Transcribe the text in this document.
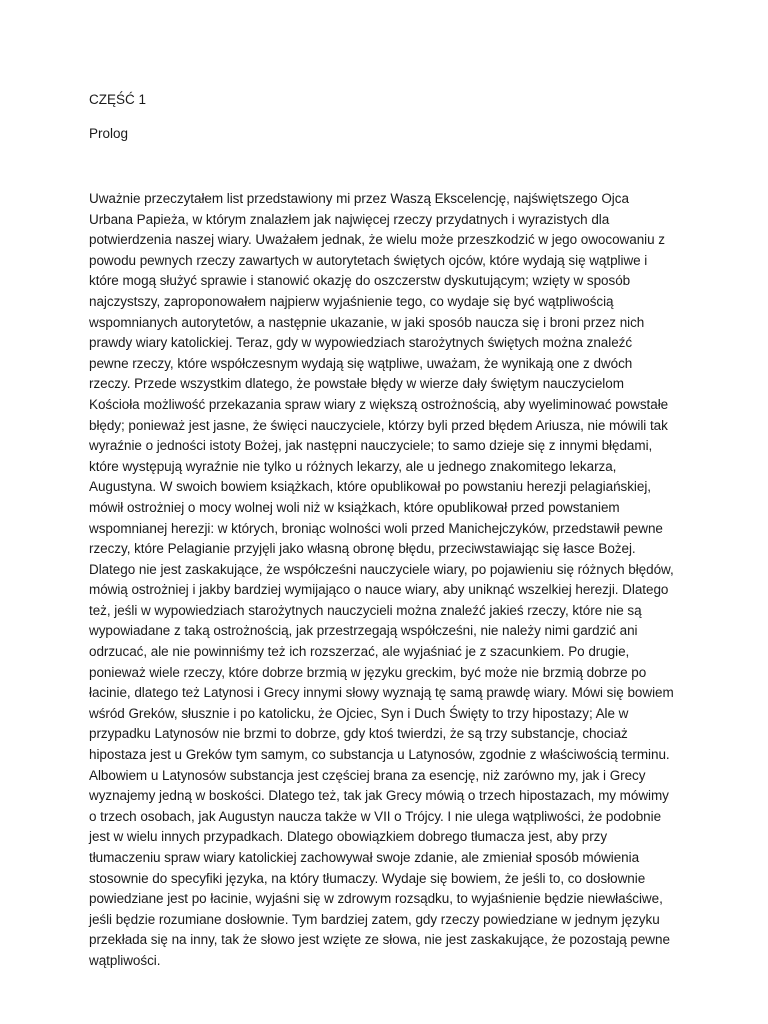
CZĘŚĆ 1
Prolog

Uważnie przeczytałem list przedstawiony mi przez Waszą Ekscelencję, najświętszego Ojca Urbana Papieża, w którym znalazłem jak najwięcej rzeczy przydatnych i wyrazistych dla potwierdzenia naszej wiary. Uważałem jednak, że wielu może przeszkodzić w jego owocowaniu z powodu pewnych rzeczy zawartych w autorytetach świętych ojców, które wydają się wątpliwe i które mogą służyć sprawie i stanowić okazję do oszczerstw dyskutującym; wzięty w sposób najczystszy, zaproponowałem najpierw wyjaśnienie tego, co wydaje się być wątpliwością wspomnianych autorytetów, a następnie ukazanie, w jaki sposób naucza się i broni przez nich prawdy wiary katolickiej. Teraz, gdy w wypowiedziach starożytnych świętych można znaleźć pewne rzeczy, które współczesnym wydają się wątpliwe, uważam, że wynikają one z dwóch rzeczy. Przede wszystkim dlatego, że powstałe błędy w wierze dały świętym nauczycielom Kościoła możliwość przekazania spraw wiary z większą ostrożnością, aby wyeliminować powstałe błędy; ponieważ jest jasne, że święci nauczyciele, którzy byli przed błędem Ariusza, nie mówili tak wyraźnie o jedności istoty Bożej, jak następni nauczyciele; to samo dzieje się z innymi błędami, które występują wyraźnie nie tylko u różnych lekarzy, ale u jednego znakomitego lekarza, Augustyna. W swoich bowiem książkach, które opublikował po powstaniu herezji pelagiańskiej, mówił ostrożniej o mocy wolnej woli niż w książkach, które opublikował przed powstaniem wspomnianej herezji: w których, broniąc wolności woli przed Manichejczyków, przedstawił pewne rzeczy, które Pelagianie przyjęli jako własną obronę błędu, przeciwstawiając się łasce Bożej. Dlatego nie jest zaskakujące, że współcześni nauczyciele wiary, po pojawieniu się różnych błędów, mówią ostrożniej i jakby bardziej wymijająco o nauce wiary, aby uniknąć wszelkiej herezji. Dlatego też, jeśli w wypowiedziach starożytnych nauczycieli można znaleźć jakieś rzeczy, które nie są wypowiadane z taką ostrożnością, jak przestrzegają współcześni, nie należy nimi gardzić ani odrzucać, ale nie powinniśmy też ich rozszerzać, ale wyjaśniać je z szacunkiem. Po drugie, ponieważ wiele rzeczy, które dobrze brzmią w języku greckim, być może nie brzmią dobrze po łacinie, dlatego też Latynosi i Grecy innymi słowy wyznają tę samą prawdę wiary. Mówi się bowiem wśród Greków, słusznie i po katolicku, że Ojciec, Syn i Duch Święty to trzy hipostazy; Ale w przypadku Latynosów nie brzmi to dobrze, gdy ktoś twierdzi, że są trzy substancje, chociaż hipostaza jest u Greków tym samym, co substancja u Latynosów, zgodnie z właściwością terminu. Albowiem u Latynosów substancja jest częściej brana za esencję, niż zarówno my, jak i Grecy wyznajemy jedną w boskości. Dlatego też, tak jak Grecy mówią o trzech hipostazach, my mówimy o trzech osobach, jak Augustyn naucza także w VII o Trójcy. I nie ulega wątpliwości, że podobnie jest w wielu innych przypadkach. Dlatego obowiązkiem dobrego tłumacza jest, aby przy tłumaczeniu spraw wiary katolickiej zachowywał swoje zdanie, ale zmieniał sposób mówienia stosownie do specyfiki języka, na który tłumaczy. Wydaje się bowiem, że jeśli to, co dosłownie powiedziane jest po łacinie, wyjaśni się w zdrowym rozsądku, to wyjaśnienie będzie niewłaściwe, jeśli będzie rozumiane dosłownie. Tym bardziej zatem, gdy rzeczy powiedziane w jednym języku przekłada się na inny, tak że słowo jest wzięte ze słowa, nie jest zaskakujące, że pozostają pewne wątpliwości.
